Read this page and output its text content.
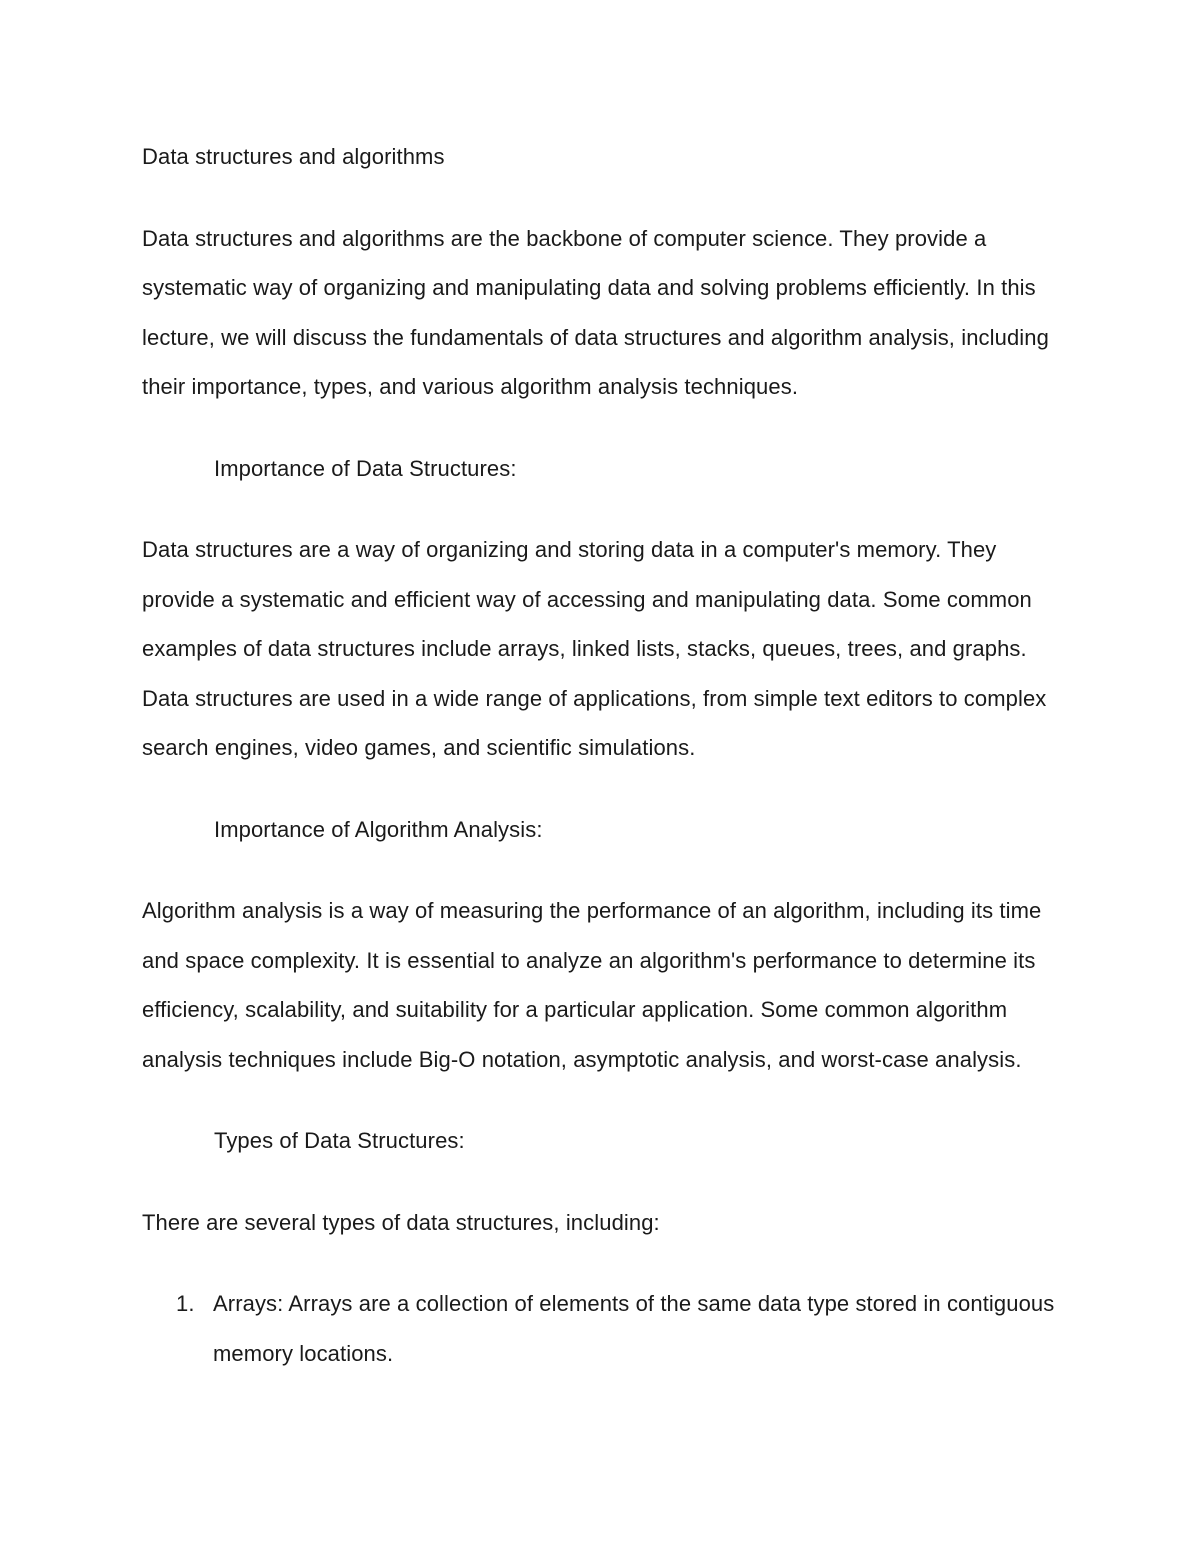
Data structures and algorithms

Data structures and algorithms are the backbone of computer science. They provide a systematic way of organizing and manipulating data and solving problems efficiently. In this lecture, we will discuss the fundamentals of data structures and algorithm analysis, including their importance, types, and various algorithm analysis techniques.

Importance of Data Structures:

Data structures are a way of organizing and storing data in a computer's memory. They provide a systematic and efficient way of accessing and manipulating data. Some common examples of data structures include arrays, linked lists, stacks, queues, trees, and graphs. Data structures are used in a wide range of applications, from simple text editors to complex search engines, video games, and scientific simulations.

Importance of Algorithm Analysis:

Algorithm analysis is a way of measuring the performance of an algorithm, including its time and space complexity. It is essential to analyze an algorithm's performance to determine its efficiency, scalability, and suitability for a particular application. Some common algorithm analysis techniques include Big-O notation, asymptotic analysis, and worst-case analysis.

Types of Data Structures:

There are several types of data structures, including:

1. Arrays: Arrays are a collection of elements of the same data type stored in contiguous memory locations.
